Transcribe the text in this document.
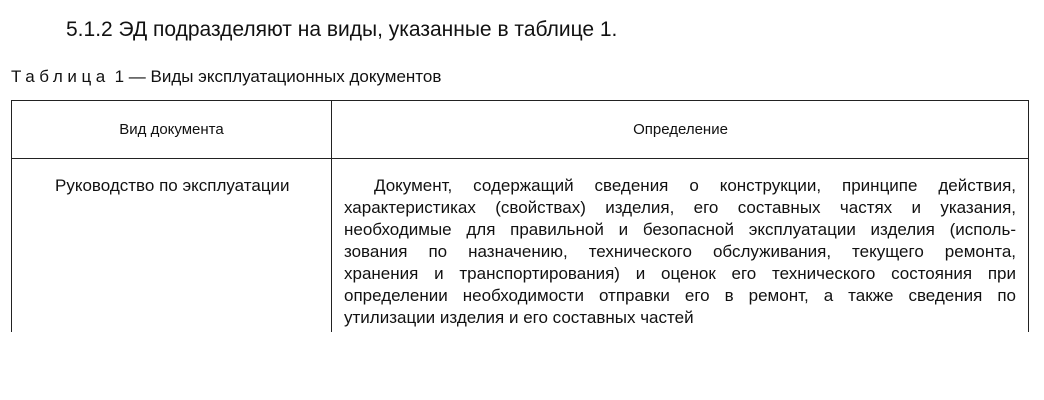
5.1.2 ЭД подразделяют на виды, указанные в таблице 1.
Таблица 1 — Виды эксплуатационных документов
Вид документа	Определение
Руководство по эксплуатации	Документ, содержащий сведения о конструкции, принципе действия,
характеристиках (свойствах) изделия, его составных частях и указания,
необходимые для правильной и безопасной эксплуатации изделия (исполь-
зования по назначению, технического обслуживания, текущего ремонта,
хранения и транспортирования) и оценок его технического состояния при
определении необходимости отправки его в ремонт, а также сведения по
утилизации изделия и его составных частей
